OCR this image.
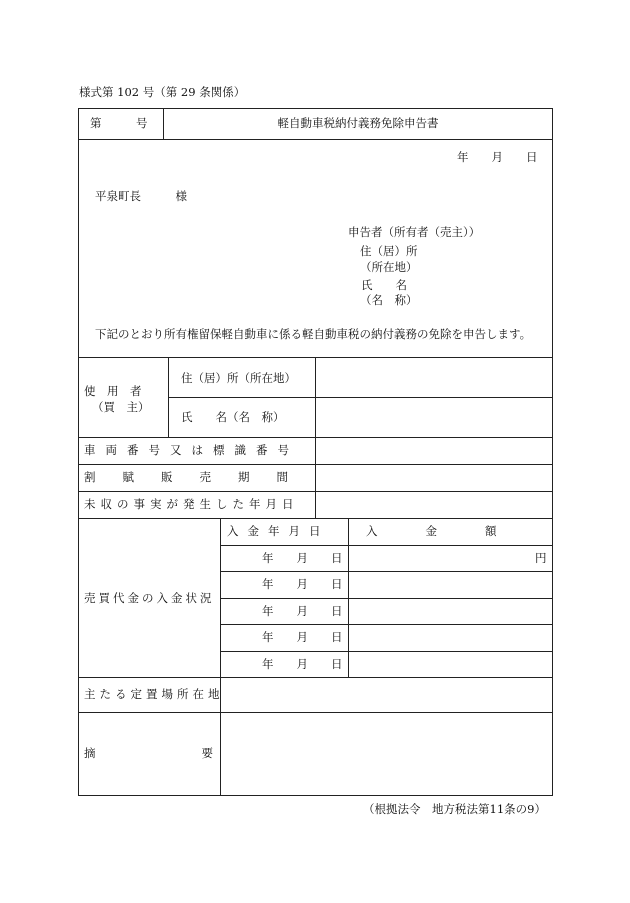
様式第 102 号（第 29 条関係）
第　　　号	軽自動車税納付義務免除申告書
年　　月　　日
平泉町長　　　様
申告者（所有者（売主））
住（居）所
（所在地）
氏　　名
（名　称）
下記のとおり所有権留保軽自動車に係る軽自動車税の納付義務の免除を申告します。
使　用　者
（買　主）
住（居）所（所在地）
氏　　名（名　称）
車両番号又は標識番号
割賦販売期間
未収の事実が発生した年月日
売買代金の入金状況
入金年月日	入金額
年　　月　　日	円
年　　月　　日
年　　月　　日
年　　月　　日
年　　月　　日
主たる定置場所在地
摘要
（根拠法令　地方税法第11条の9）
